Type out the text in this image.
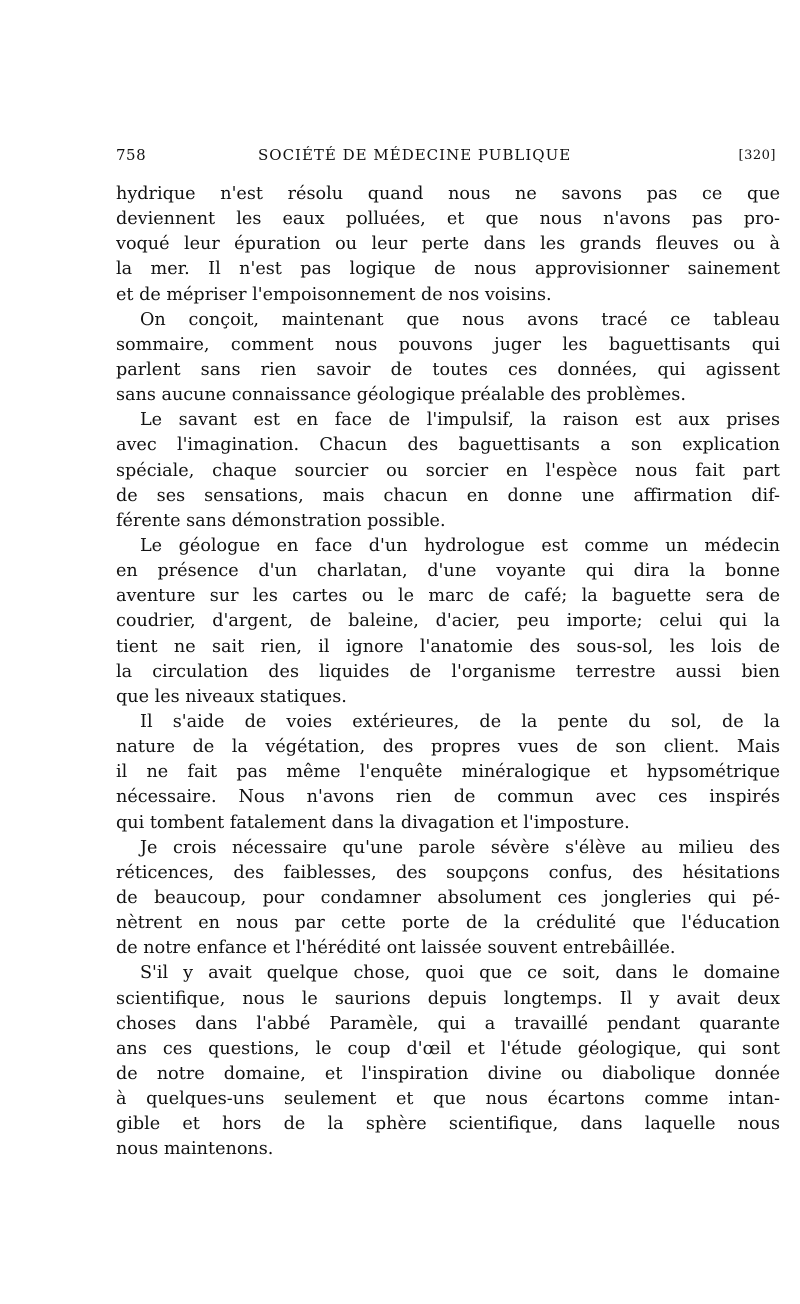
758	SOCIÉTÉ DE MÉDECINE PUBLIQUE	[320]
hydrique n'est résolu quand nous ne savons pas ce que
deviennent les eaux polluées, et que nous n'avons pas pro-
voqué leur épuration ou leur perte dans les grands fleuves ou à
la mer. Il n'est pas logique de nous approvisionner sainement
et de mépriser l'empoisonnement de nos voisins.
On conçoit, maintenant que nous avons tracé ce tableau
sommaire, comment nous pouvons juger les baguettisants qui
parlent sans rien savoir de toutes ces données, qui agissent
sans aucune connaissance géologique préalable des problèmes.
Le savant est en face de l'impulsif, la raison est aux prises
avec l'imagination. Chacun des baguettisants a son explication
spéciale, chaque sourcier ou sorcier en l'espèce nous fait part
de ses sensations, mais chacun en donne une affirmation dif-
férente sans démonstration possible.
Le géologue en face d'un hydrologue est comme un médecin
en présence d'un charlatan, d'une voyante qui dira la bonne
aventure sur les cartes ou le marc de café; la baguette sera de
coudrier, d'argent, de baleine, d'acier, peu importe; celui qui la
tient ne sait rien, il ignore l'anatomie des sous-sol, les lois de
la circulation des liquides de l'organisme terrestre aussi bien
que les niveaux statiques.
Il s'aide de voies extérieures, de la pente du sol, de la
nature de la végétation, des propres vues de son client. Mais
il ne fait pas même l'enquête minéralogique et hypsométrique
nécessaire. Nous n'avons rien de commun avec ces inspirés
qui tombent fatalement dans la divagation et l'imposture.
Je crois nécessaire qu'une parole sévère s'élève au milieu des
réticences, des faiblesses, des soupçons confus, des hésitations
de beaucoup, pour condamner absolument ces jongleries qui pé-
nètrent en nous par cette porte de la crédulité que l'éducation
de notre enfance et l'hérédité ont laissée souvent entrebâillée.
S'il y avait quelque chose, quoi que ce soit, dans le domaine
scientifique, nous le saurions depuis longtemps. Il y avait deux
choses dans l'abbé Paramèle, qui a travaillé pendant quarante
ans ces questions, le coup d'œil et l'étude géologique, qui sont
de notre domaine, et l'inspiration divine ou diabolique donnée
à quelques-uns seulement et que nous écartons comme intan-
gible et hors de la sphère scientifique, dans laquelle nous
nous maintenons.
